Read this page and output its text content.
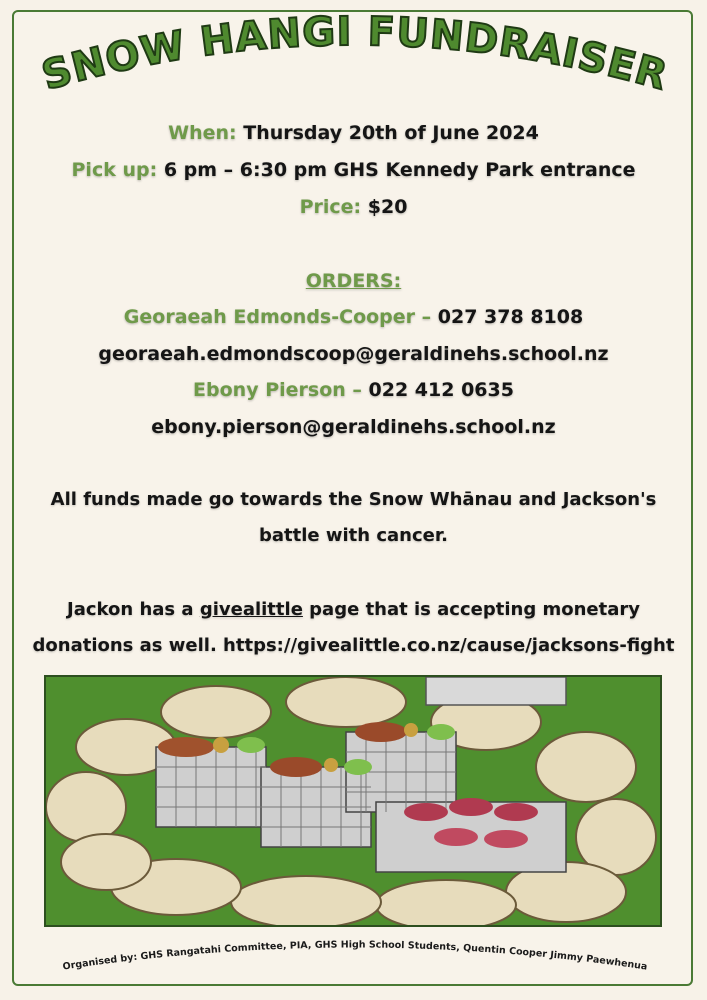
SNOW HANGI FUNDRAISER
When: Thursday 20th of June 2024
Pick up: 6 pm – 6:30 pm GHS Kennedy Park entrance
Price: $20
ORDERS:
Georaeah Edmonds-Cooper – 027 378 8108
georaeah.edmondscoop@geraldinehs.school.nz
Ebony Pierson – 022 412 0635
ebony.pierson@geraldinehs.school.nz
All funds made go towards the Snow Whānau and Jackson's battle with cancer.
Jackon has a givealittle page that is accepting monetary donations as well. https://givealittle.co.nz/cause/jacksons-fight
Organised by: GHS Rangatahi Committee, PIA, GHS High School Students, Quentin Cooper Jimmy Paewhenua
